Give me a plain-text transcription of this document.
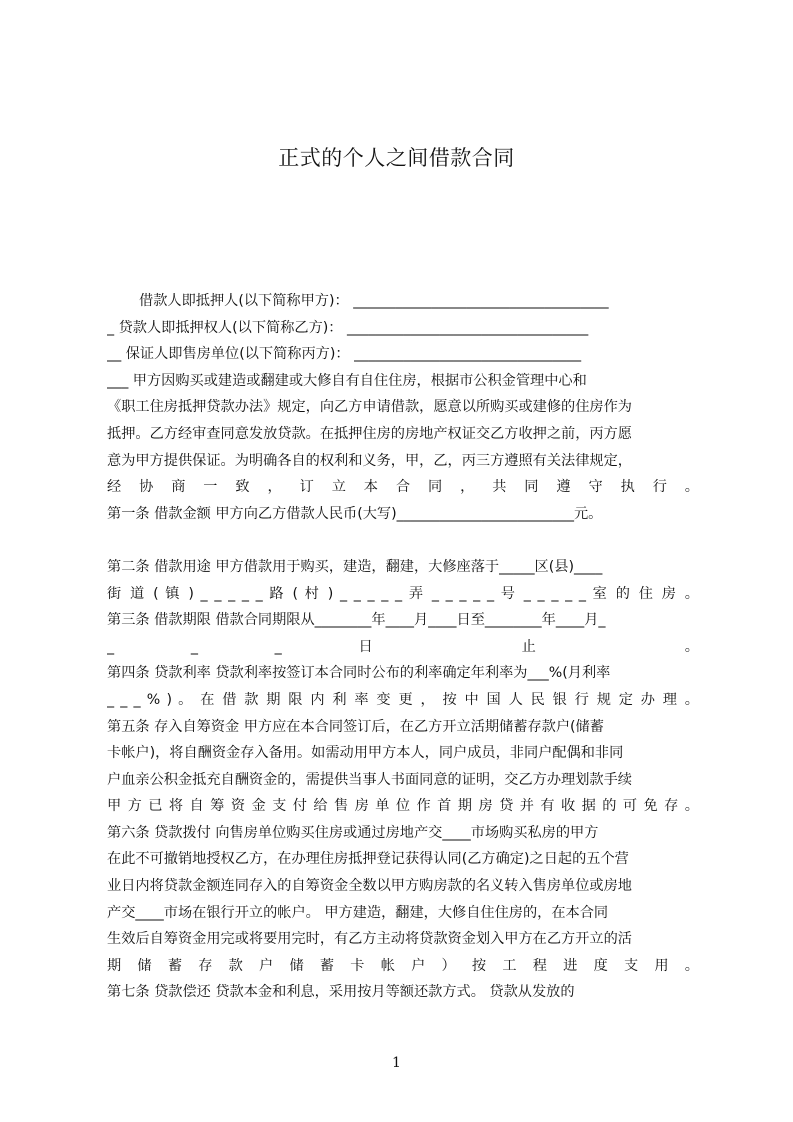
正式的个人之间借款合同
借款人即抵押人(以下简称甲方)： ____________________________________
_ 贷款人即抵押权人(以下简称乙方)： __________________________________
__ 保证人即售房单位(以下简称丙方)： ________________________________
___ 甲方因购买或建造或翻建或大修自有自住住房，根据市公积金管理中心和
《职工住房抵押贷款办法》规定，向乙方申请借款，愿意以所购买或建修的住房作为
抵押。乙方经审查同意发放贷款。在抵押住房的房地产权证交乙方收押之前，丙方愿
意为甲方提供保证。为明确各自的权利和义务，甲，乙，丙三方遵照有关法律规定，
经 协 商 一 致 ， 订 立 本 合 同 ， 共 同 遵 守 执 行 。
第一条 借款金额 甲方向乙方借款人民币(大写)_________________________元。
第二条 借款用途 甲方借款用于购买，建造，翻建，大修座落于_____区(县)____
街 道 ( 镇 ) _ _ _ _ _ 路 ( 村 ) _ _ _ _ _ 弄 _ _ _ _ _ 号 _ _ _ _ _ 室 的 住 房 。
第三条 借款期限 借款合同期限从________年____月____日至________年____月_
_ _ _ 日 止 。
第四条 贷款利率 贷款利率按签订本合同时公布的利率确定年利率为___%(月利率
_ _ _ % ) 。 在 借 款 期 限 内 利 率 变 更 ， 按 中 国 人 民 银 行 规 定 办 理 。
第五条 存入自筹资金 甲方应在本合同签订后，在乙方开立活期储蓄存款户(储蓄
卡帐户)，将自酬资金存入备用。如需动用甲方本人，同户成员，非同户配偶和非同
户血亲公积金抵充自酬资金的，需提供当事人书面同意的证明，交乙方办理划款手续
甲 方 已 将 自 筹 资 金 支 付 给 售 房 单 位 作 首 期 房 贷 并 有 收 据 的 可 免 存 。
第六条 贷款拨付 向售房单位购买住房或通过房地产交____市场购买私房的甲方
在此不可撤销地授权乙方，在办理住房抵押登记获得认同(乙方确定)之日起的五个营
业日内将贷款金额连同存入的自筹资金全数以甲方购房款的名义转入售房单位或房地
产交____市场在银行开立的帐户。 甲方建造，翻建，大修自住住房的，在本合同
生效后自筹资金用完或将要用完时，有乙方主动将贷款资金划入甲方在乙方开立的活
期 储 蓄 存 款 户 储 蓄 卡 帐 户 ） 按 工 程 进 度 支 用 。
第七条 贷款偿还 贷款本金和利息，采用按月等额还款方式。 贷款从发放的
1
